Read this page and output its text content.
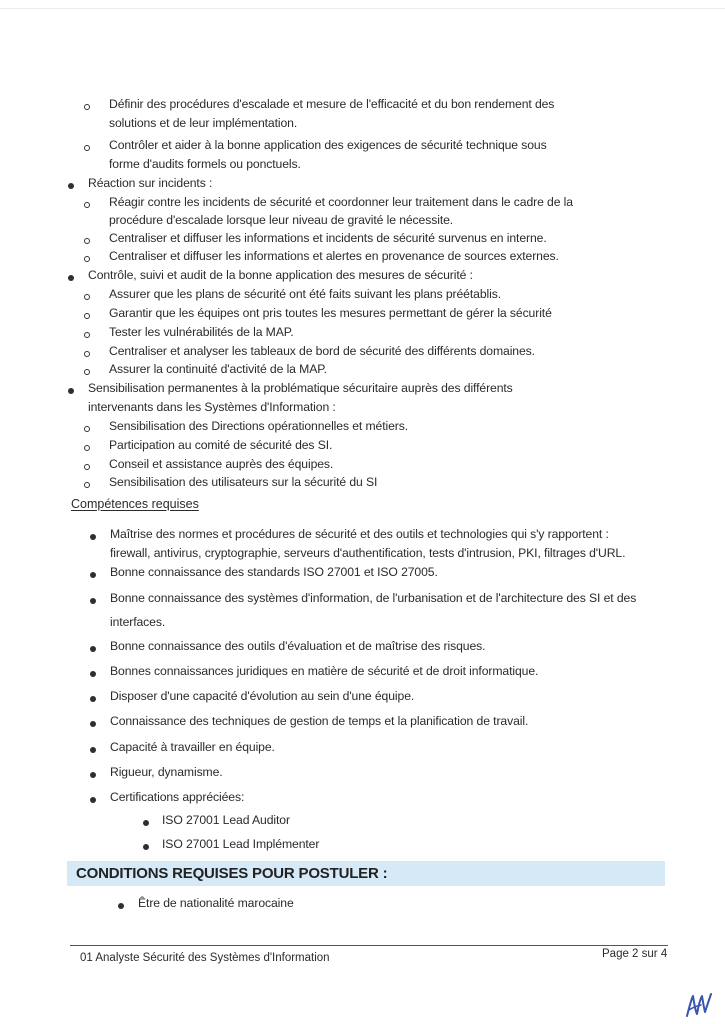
Définir des procédures d'escalade et mesure de l'efficacité et du bon rendement des
solutions et de leur implémentation.
Contrôler et aider à la bonne application des exigences de sécurité technique sous
forme d'audits formels ou ponctuels.
Réaction sur incidents :
Réagir contre les incidents de sécurité et coordonner leur traitement dans le cadre de la
procédure d'escalade lorsque leur niveau de gravité le nécessite.
Centraliser et diffuser les informations et incidents de sécurité survenus en interne.
Centraliser et diffuser les informations et alertes en provenance de sources externes.
Contrôle, suivi et audit de la bonne application des mesures de sécurité :
Assurer que les plans de sécurité ont été faits suivant les plans préétablis.
Garantir que les équipes ont pris toutes les mesures permettant de gérer la sécurité
Tester les vulnérabilités de la MAP.
Centraliser et analyser les tableaux de bord de sécurité des différents domaines.
Assurer la continuité d'activité de la MAP.
Sensibilisation permanentes à la problématique sécuritaire auprès des différents
intervenants dans les Systèmes d'Information :
Sensibilisation des Directions opérationnelles et métiers.
Participation au comité de sécurité des SI.
Conseil et assistance auprès des équipes.
Sensibilisation des utilisateurs sur la sécurité du SI
Compétences requises
Maîtrise des normes et procédures de sécurité et des outils et technologies qui s'y rapportent :
firewall, antivirus, cryptographie, serveurs d'authentification, tests d'intrusion, PKI, filtrages d'URL.
Bonne connaissance des standards ISO 27001 et ISO 27005.
Bonne connaissance des systèmes d'information, de l'urbanisation et de l'architecture des SI et des
interfaces.
Bonne connaissance des outils d'évaluation et de maîtrise des risques.
Bonnes connaissances juridiques en matière de sécurité et de droit informatique.
Disposer d'une capacité d'évolution au sein d'une équipe.
Connaissance des techniques de gestion de temps et la planification de travail.
Capacité à travailler en équipe.
Rigueur, dynamisme.
Certifications appréciées:
ISO 27001 Lead Auditor
ISO 27001 Lead Implémenter
CONDITIONS REQUISES POUR POSTULER :
Être de nationalité marocaine
01 Analyste Sécurité des Systèmes d'Information	Page 2 sur 4
